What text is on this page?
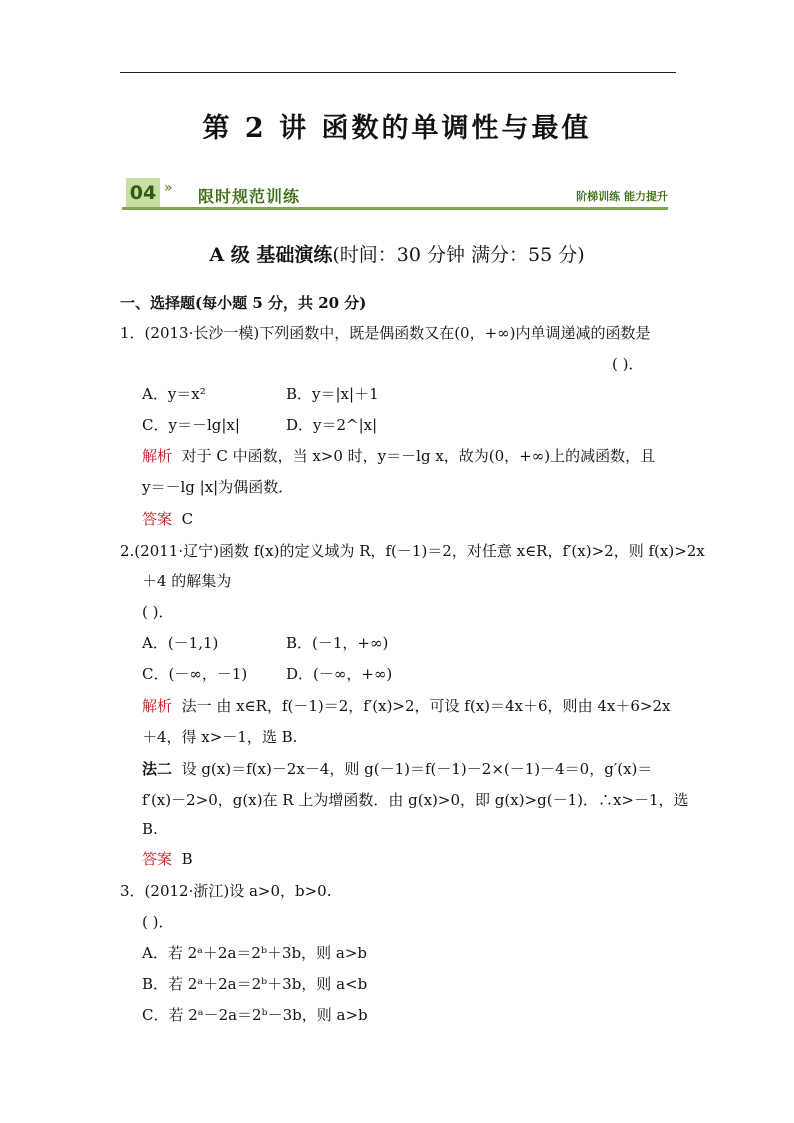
第 2 讲 函数的单调性与最值
04 » 限时规范训练	阶梯训练 能力提升
A 级 基础演练(时间：30 分钟 满分：55 分)
一、选择题(每小题 5 分，共 20 分)
1．(2013·长沙一模)下列函数中，既是偶函数又在(0，+∞)内单调递减的函数是
( )．
A．y＝x²	B．y＝|x|＋1
C．y＝－lg|x|	D．y＝2^|x|
解析 对于 C 中函数，当 x>0 时，y＝－lg x，故为(0，+∞)上的减函数，且
y＝－lg |x|为偶函数．
答案 C
2.(2011·辽宁)函数 f(x)的定义域为 R，f(－1)＝2，对任意 x∈R，f′(x)>2，则 f(x)>2x
＋4 的解集为
( )．
A．(－1,1)	B．(－1，+∞)
C．(－∞，－1)	D．(－∞，+∞)
解析 法一 由 x∈R，f(－1)＝2，f′(x)>2，可设 f(x)＝4x＋6，则由 4x＋6>2x
＋4，得 x>－1，选 B.
法二 设 g(x)＝f(x)－2x－4，则 g(－1)＝f(－1)－2×(－1)－4＝0，g′(x)＝
f′(x)－2>0，g(x)在 R 上为增函数．由 g(x)>0，即 g(x)>g(－1)．∴x>－1，选
B.
答案 B
3．(2012·浙江)设 a>0，b>0.
( )．
A．若 2ᵃ＋2a＝2ᵇ＋3b，则 a>b
B．若 2ᵃ＋2a＝2ᵇ＋3b，则 a<b
C．若 2ᵃ－2a＝2ᵇ－3b，则 a>b
